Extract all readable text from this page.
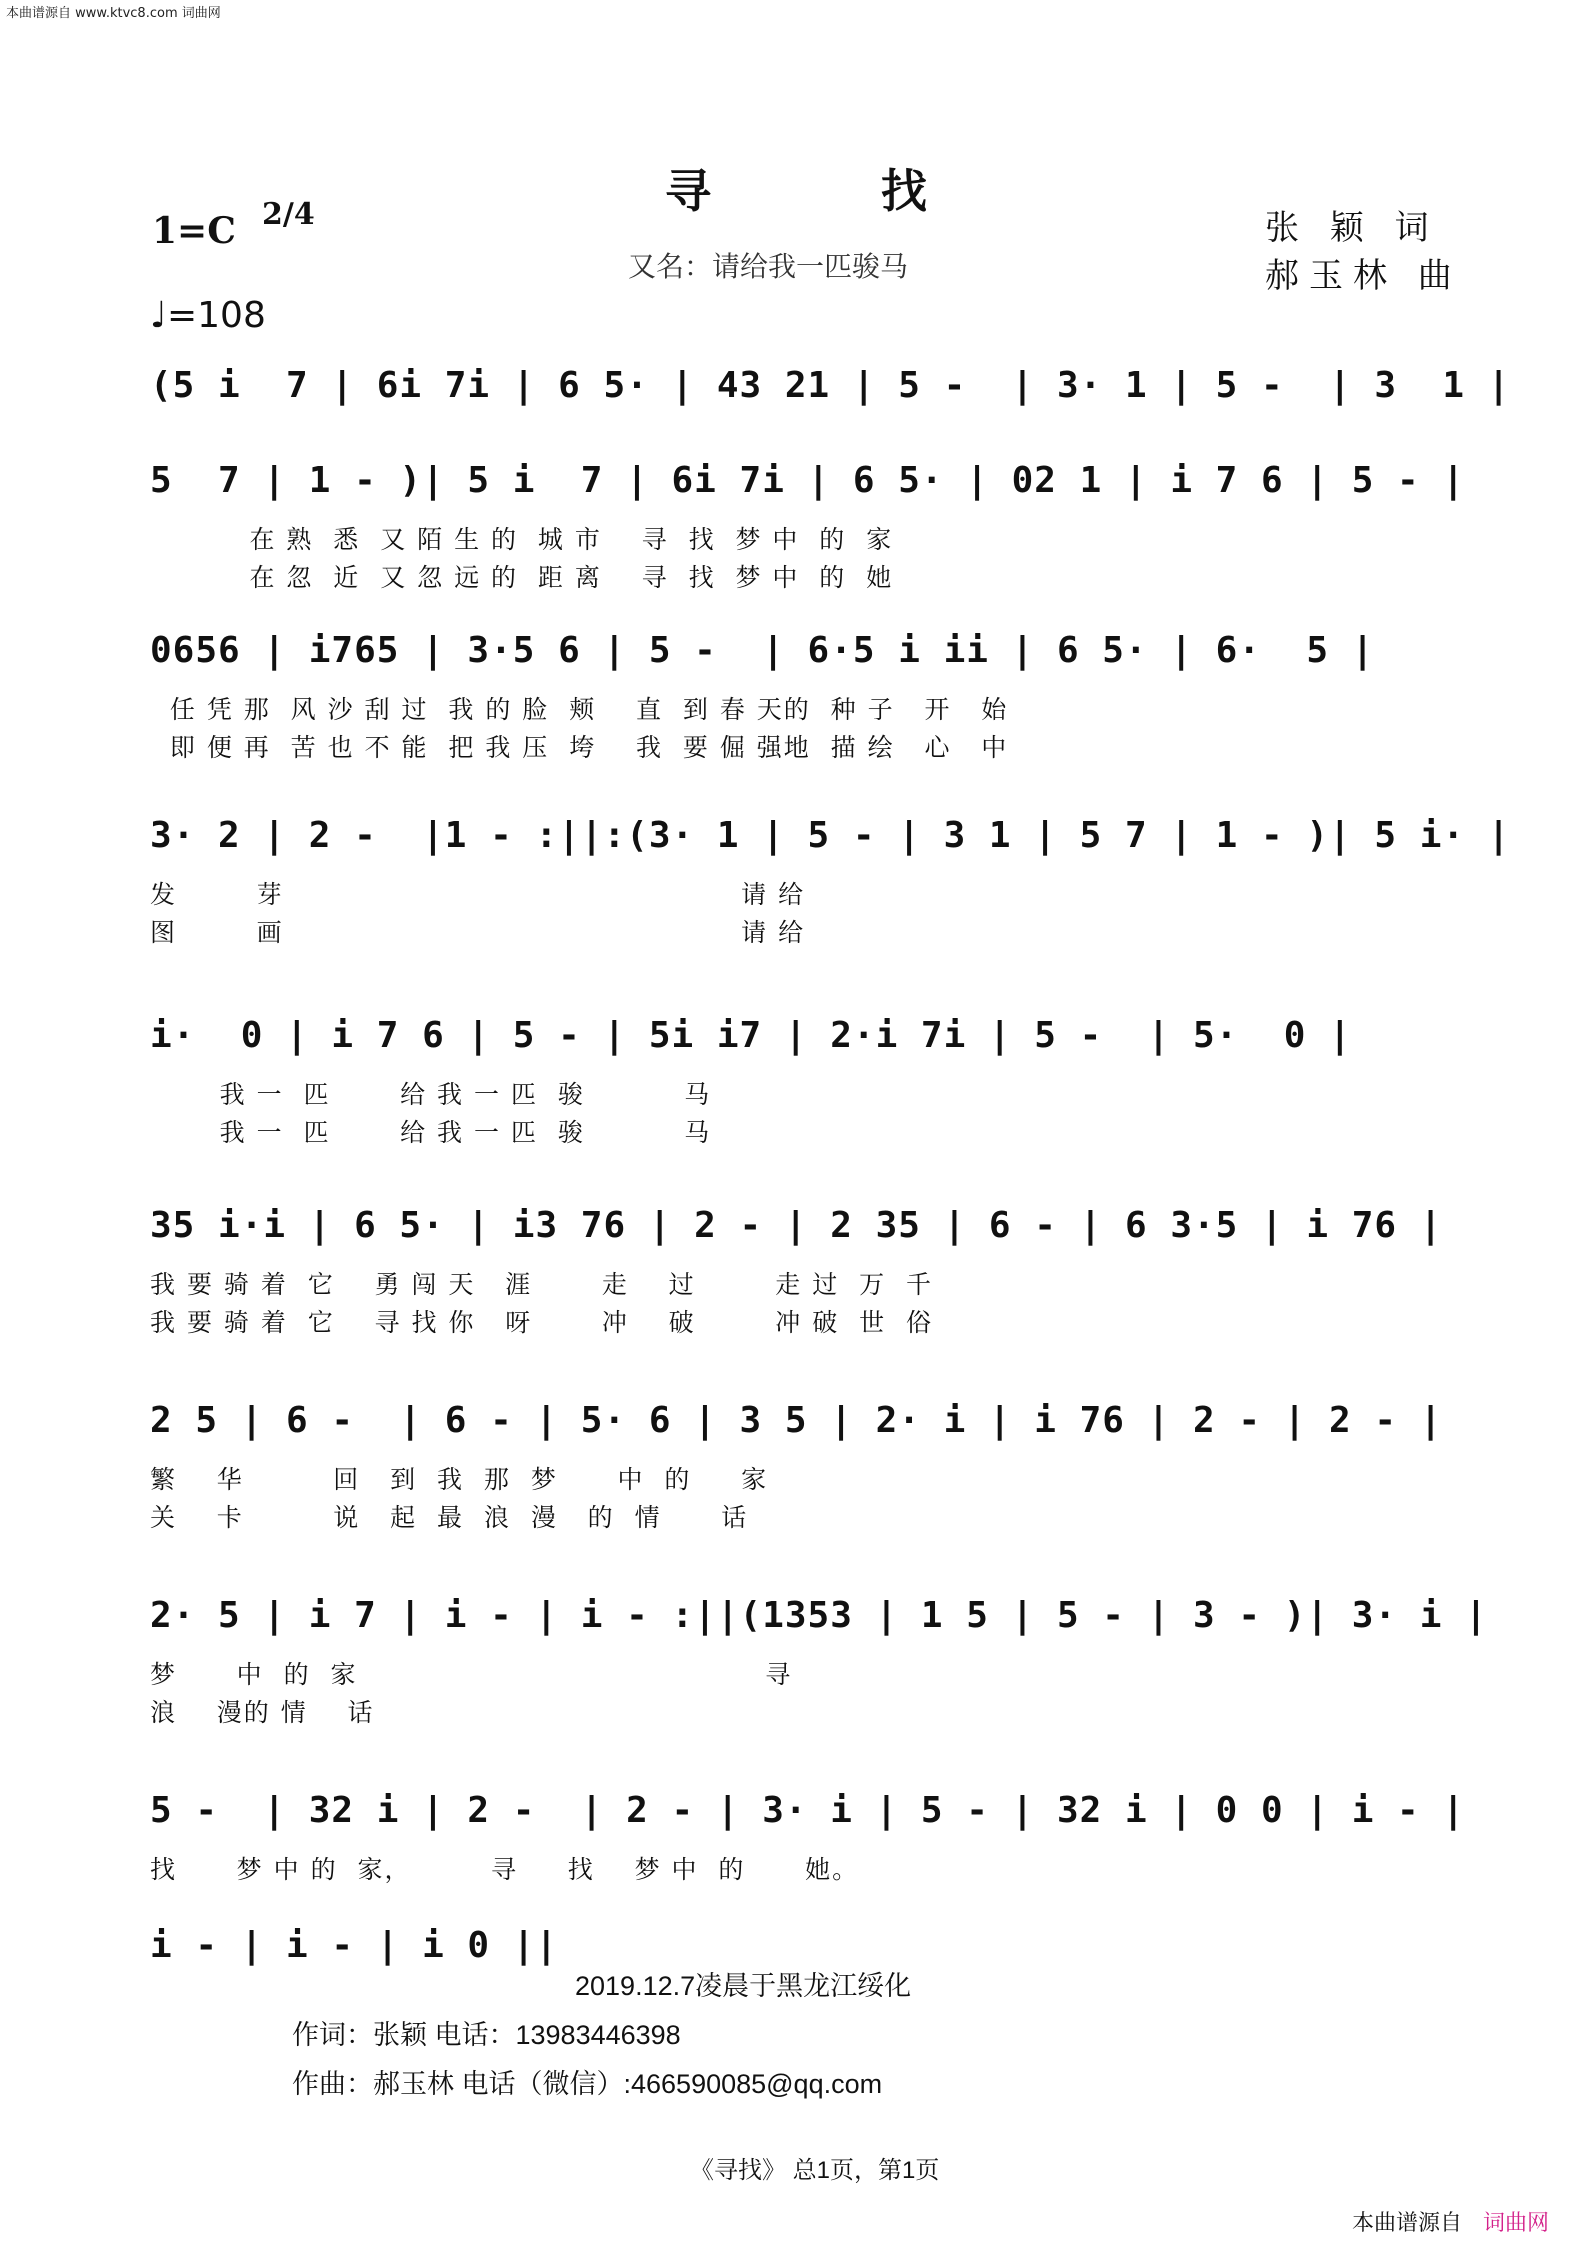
本曲谱源自 www.ktvc8.com 词曲网
寻	找
又名：请给我一匹骏马
1=C 2/4
♩=108
张 颖 词
郝玉林 曲
(5 i  7 | 6i 7i | 6 5· | 43 21 | 5 -  | 3· 1 | 5 -  | 3  1 |
5  7 | 1 - )| 5 i  7 | 6i 7i | 6 5· | 02 1 | i 7 6 | 5 - |
在 熟  悉  又 陌 生 的  城 市    寻  找  梦 中  的  家
在 忽  近  又 忽 远 的  距 离    寻  找  梦 中  的  她
0656 | i765 | 3·5 6 | 5 -  | 6·5 i ii | 6 5· | 6·  5 |
任 凭 那  风 沙 刮 过  我 的 脸  颊    直  到 春 天的  种 子   开   始
即 便 再  苦 也 不 能  把 我 压  垮    我  要 倔 强地  描 绘   心   中
3· 2 | 2 -  |1 - :||:(3· 1 | 5 - | 3 1 | 5 7 | 1 - )| 5 i· |
发        芽                                              请 给
图        画                                              请 给
i·  0 | i 7 6 | 5 - | 5i i7 | 2·i 7i | 5 -  | 5·  0 |
我 一  匹       给 我 一 匹  骏          马
我 一  匹       给 我 一 匹  骏          马
35 i·i | 6 5· | i3 76 | 2 - | 2 35 | 6 - | 6 3·5 | i 76 |
我 要 骑 着  它    勇 闯 天   涯       走    过        走 过  万  千
我 要 骑 着  它    寻 找 你   呀       冲    破        冲 破  世  俗
2 5 | 6 -  | 6 - | 5· 6 | 3 5 | 2· i | i 76 | 2 - | 2 - |
繁    华         回   到  我  那  梦      中  的     家
关    卡         说   起  最  浪  漫   的  情      话
2· 5 | i 7 | i - | i - :||(1353 | 1 5 | 5 - | 3 - )| 3· i |
梦      中  的  家                                         寻
浪    漫的 情    话
5 -  | 32 i | 2 -  | 2 - | 3· i | 5 - | 32 i | 0 0 | i - |
找      梦 中 的  家，        寻     找    梦 中  的      她。
i - | i - | i 0 ||
2019.12.7凌晨于黑龙江绥化
作词：张颖 电话：13983446398
作曲：郝玉林 电话（微信）:466590085@qq.com
《寻找》 总1页，第1页
本曲谱源自 词曲网
